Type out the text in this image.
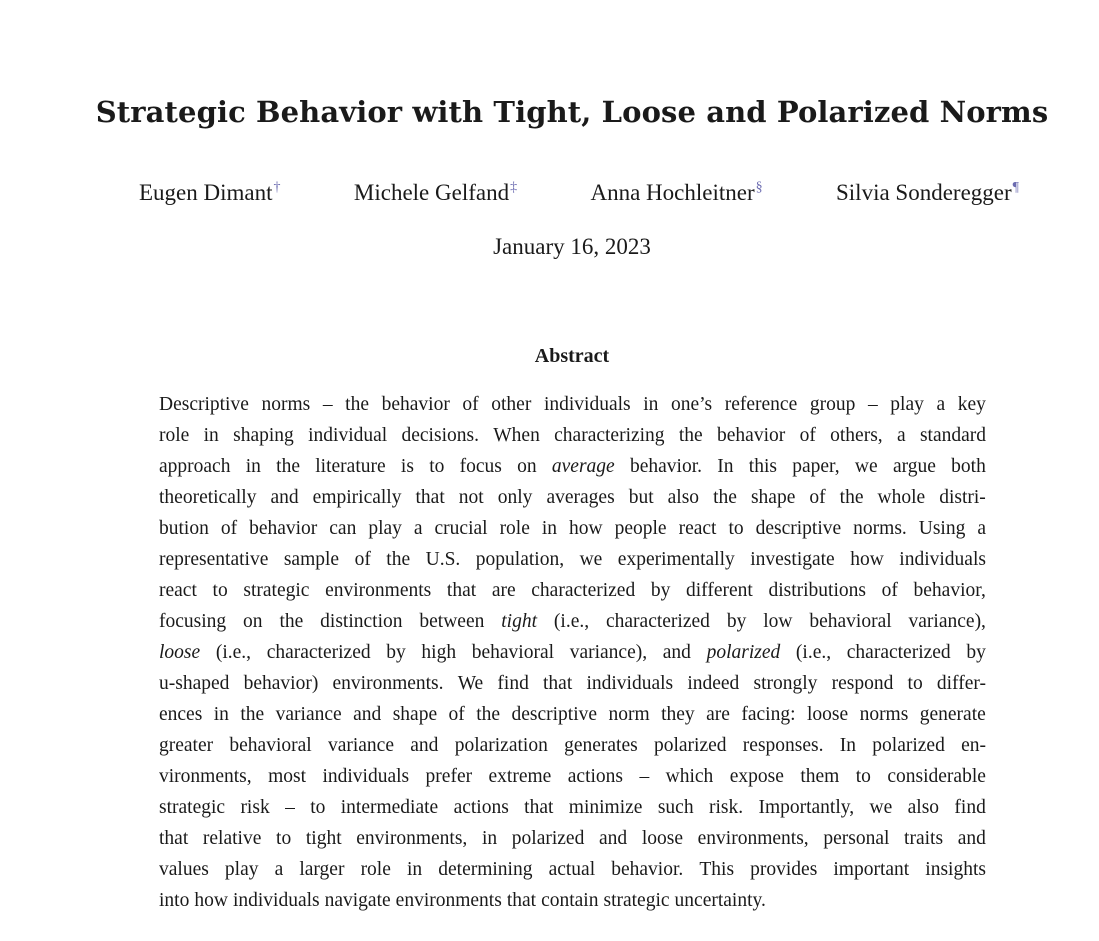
Strategic Behavior with Tight, Loose and Polarized Norms
Eugen Dimant†	Michele Gelfand‡	Anna Hochleitner§	Silvia Sonderegger¶
January 16, 2023
Abstract
Descriptive norms – the behavior of other individuals in one’s reference group – play a key
role in shaping individual decisions. When characterizing the behavior of others, a standard
approach in the literature is to focus on average behavior. In this paper, we argue both
theoretically and empirically that not only averages but also the shape of the whole distri-
bution of behavior can play a crucial role in how people react to descriptive norms. Using a
representative sample of the U.S. population, we experimentally investigate how individuals
react to strategic environments that are characterized by different distributions of behavior,
focusing on the distinction between tight (i.e., characterized by low behavioral variance),
loose (i.e., characterized by high behavioral variance), and polarized (i.e., characterized by
u-shaped behavior) environments. We find that individuals indeed strongly respond to differ-
ences in the variance and shape of the descriptive norm they are facing: loose norms generate
greater behavioral variance and polarization generates polarized responses. In polarized en-
vironments, most individuals prefer extreme actions – which expose them to considerable
strategic risk – to intermediate actions that minimize such risk. Importantly, we also find
that relative to tight environments, in polarized and loose environments, personal traits and
values play a larger role in determining actual behavior. This provides important insights
into how individuals navigate environments that contain strategic uncertainty.
